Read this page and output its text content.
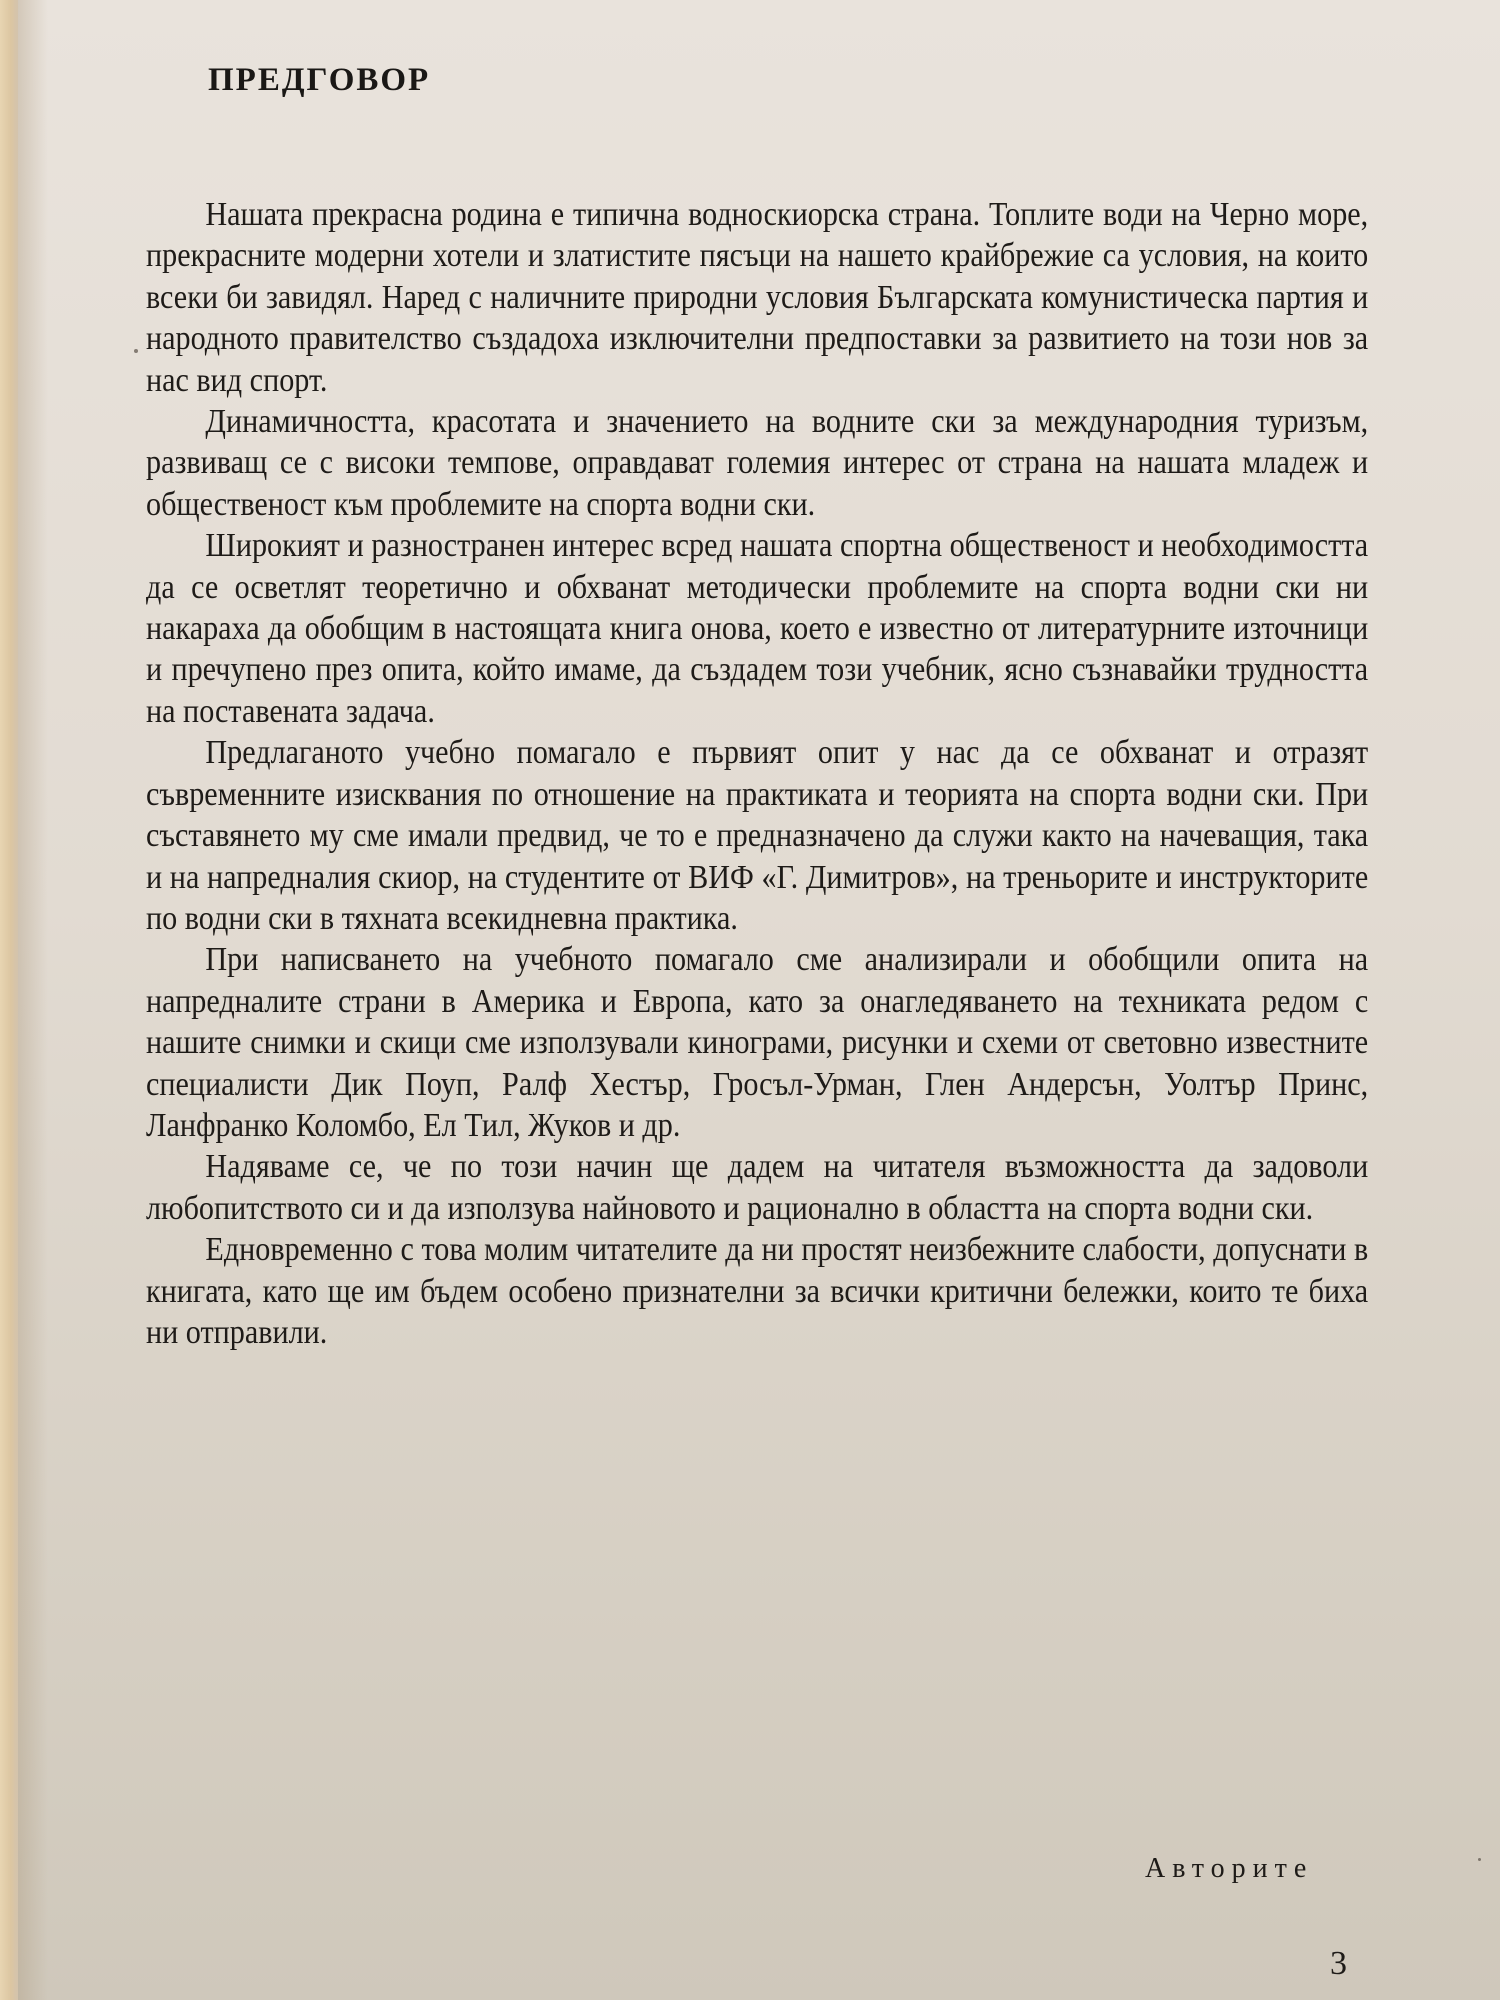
ПРЕДГОВОР

Нашата прекрасна родина е типична водноскиорска страна. Топлите води на Черно море, прекрасните модерни хотели и златистите пясъци на нашето крайбрежие са условия, на които всеки би завидял. Наред с наличните природни условия Българската комунистическа партия и народното правителство създадоха изключителни предпоставки за развитието на този нов за нас вид спорт.

Динамичността, красотата и значението на водните ски за международния туризъм, развиващ се с високи темпове, оправдават големия интерес от страна на нашата младеж и общественост към проблемите на спорта водни ски.

Широкият и разностранен интерес всред нашата спортна общественост и необходимостта да се осветлят теоретично и обхванат методически проблемите на спорта водни ски ни накараха да обобщим в настоящата книга онова, което е известно от литературните източници и пречупено през опита, който имаме, да създадем този учебник, ясно съзнавайки трудността на поставената задача.

Предлаганото учебно помагало е първият опит у нас да се обхванат и отразят съвременните изисквания по отношение на практиката и теорията на спорта водни ски. При съставянето му сме имали предвид, че то е предназначено да служи както на начеващия, така и на напредналия скиор, на студентите от ВИФ «Г. Димитров», на треньорите и инструкторите по водни ски в тяхната всекидневна практика.

При написването на учебното помагало сме анализирали и обобщили опита на напредналите страни в Америка и Европа, като за онагледяването на техниката редом с нашите снимки и скици сме използували кинограми, рисунки и схеми от световно известните специалисти Дик Поуп, Ралф Хестър, Гросъл-Урман, Глен Андерсън, Уолтър Принс, Ланфранко Коломбо, Ел Тил, Жуков и др.

Надяваме се, че по този начин ще дадем на читателя възможността да задоволи любопитството си и да използува найновото и рационално в областта на спорта водни ски.

Едновременно с това молим читателите да ни простят неизбежните слабости, допуснати в книгата, като ще им бъдем особено признателни за всички критични бележки, които те биха ни отправили.

Авторите
3
